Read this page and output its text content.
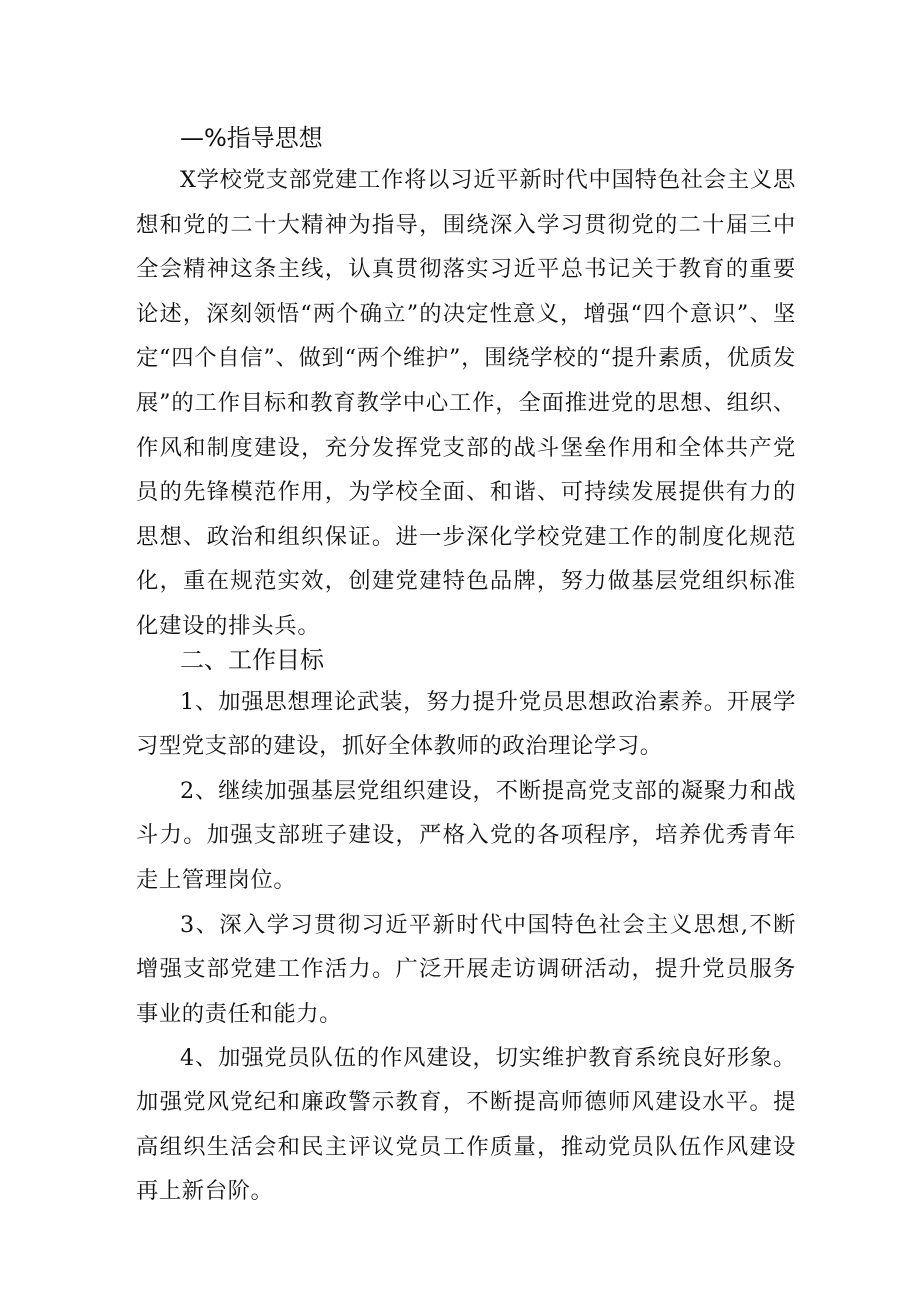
—%指导思想
X学校党支部党建工作将以习近平新时代中国特色社会主义思想和党的二十大精神为指导，围绕深入学习贯彻党的二十届三中全会精神这条主线，认真贯彻落实习近平总书记关于教育的重要论述，深刻领悟“两个确立”的决定性意义，增强“四个意识”、坚定“四个自信”、做到“两个维护”，围绕学校的“提升素质，优质发展”的工作目标和教育教学中心工作，全面推进党的思想、组织、作风和制度建设，充分发挥党支部的战斗堡垒作用和全体共产党员的先锋模范作用，为学校全面、和谐、可持续发展提供有力的思想、政治和组织保证。进一步深化学校党建工作的制度化规范化，重在规范实效，创建党建特色品牌，努力做基层党组织标准化建设的排头兵。
二、工作目标
1、加强思想理论武装，努力提升党员思想政治素养。开展学习型党支部的建设，抓好全体教师的政治理论学习。
2、继续加强基层党组织建设，不断提高党支部的凝聚力和战斗力。加强支部班子建设，严格入党的各项程序，培养优秀青年走上管理岗位。
3、深入学习贯彻习近平新时代中国特色社会主义思想,不断增强支部党建工作活力。广泛开展走访调研活动，提升党员服务事业的责任和能力。
4、加强党员队伍的作风建设，切实维护教育系统良好形象。加强党风党纪和廉政警示教育，不断提高师德师风建设水平。提高组织生活会和民主评议党员工作质量，推动党员队伍作风建设再上新台阶。
